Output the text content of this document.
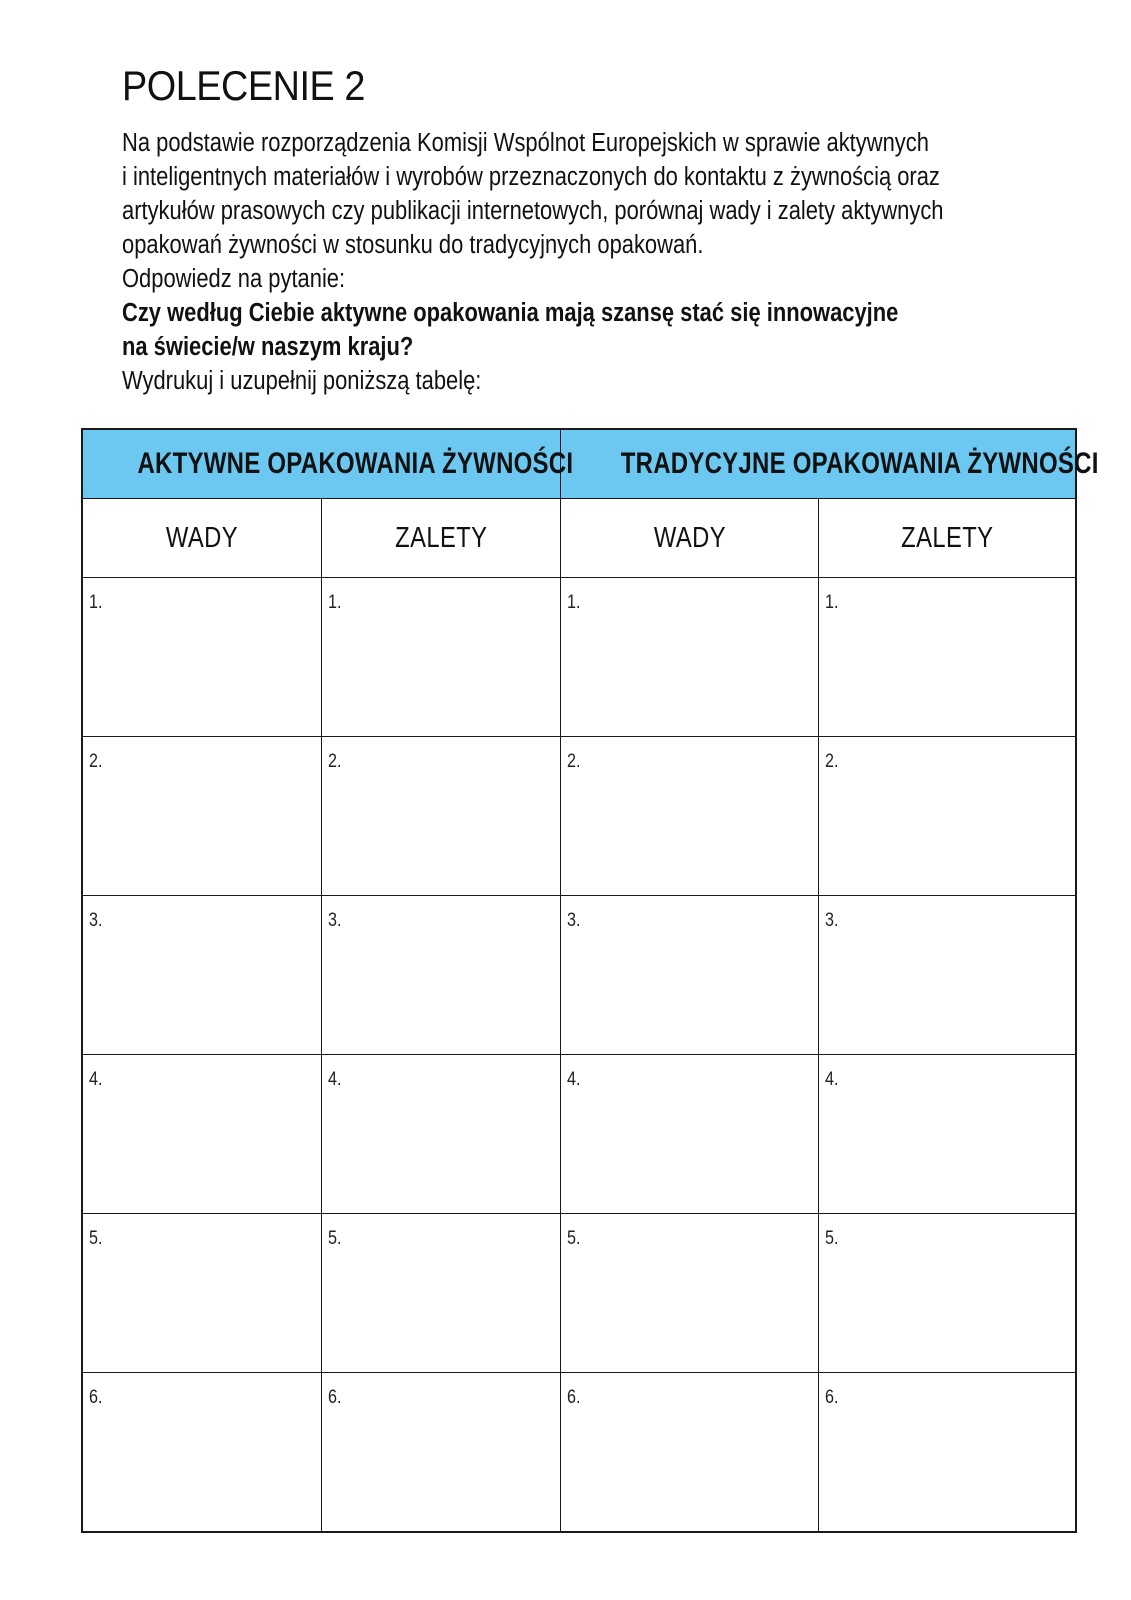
POLECENIE 2
Na podstawie rozporządzenia Komisji Wspólnot Europejskich w sprawie aktywnych
i inteligentnych materiałów i wyrobów przeznaczonych do kontaktu z żywnością oraz
artykułów prasowych czy publikacji internetowych, porównaj wady i zalety aktywnych
opakowań żywności w stosunku do tradycyjnych opakowań.
Odpowiedz na pytanie:
Czy według Ciebie aktywne opakowania mają szansę stać się innowacyjne
na świecie/w naszym kraju?
Wydrukuj i uzupełnij poniższą tabelę:
AKTYWNE OPAKOWANIA ŻYWNOŚCI		TRADYCYJNE OPAKOWANIA ŻYWNOŚCI	
WADY	ZALETY	WADY	ZALETY
1.	1.	1.	1.
2.	2.	2.	2.
3.	3.	3.	3.
4.	4.	4.	4.
5.	5.	5.	5.
6.	6.	6.	6.
